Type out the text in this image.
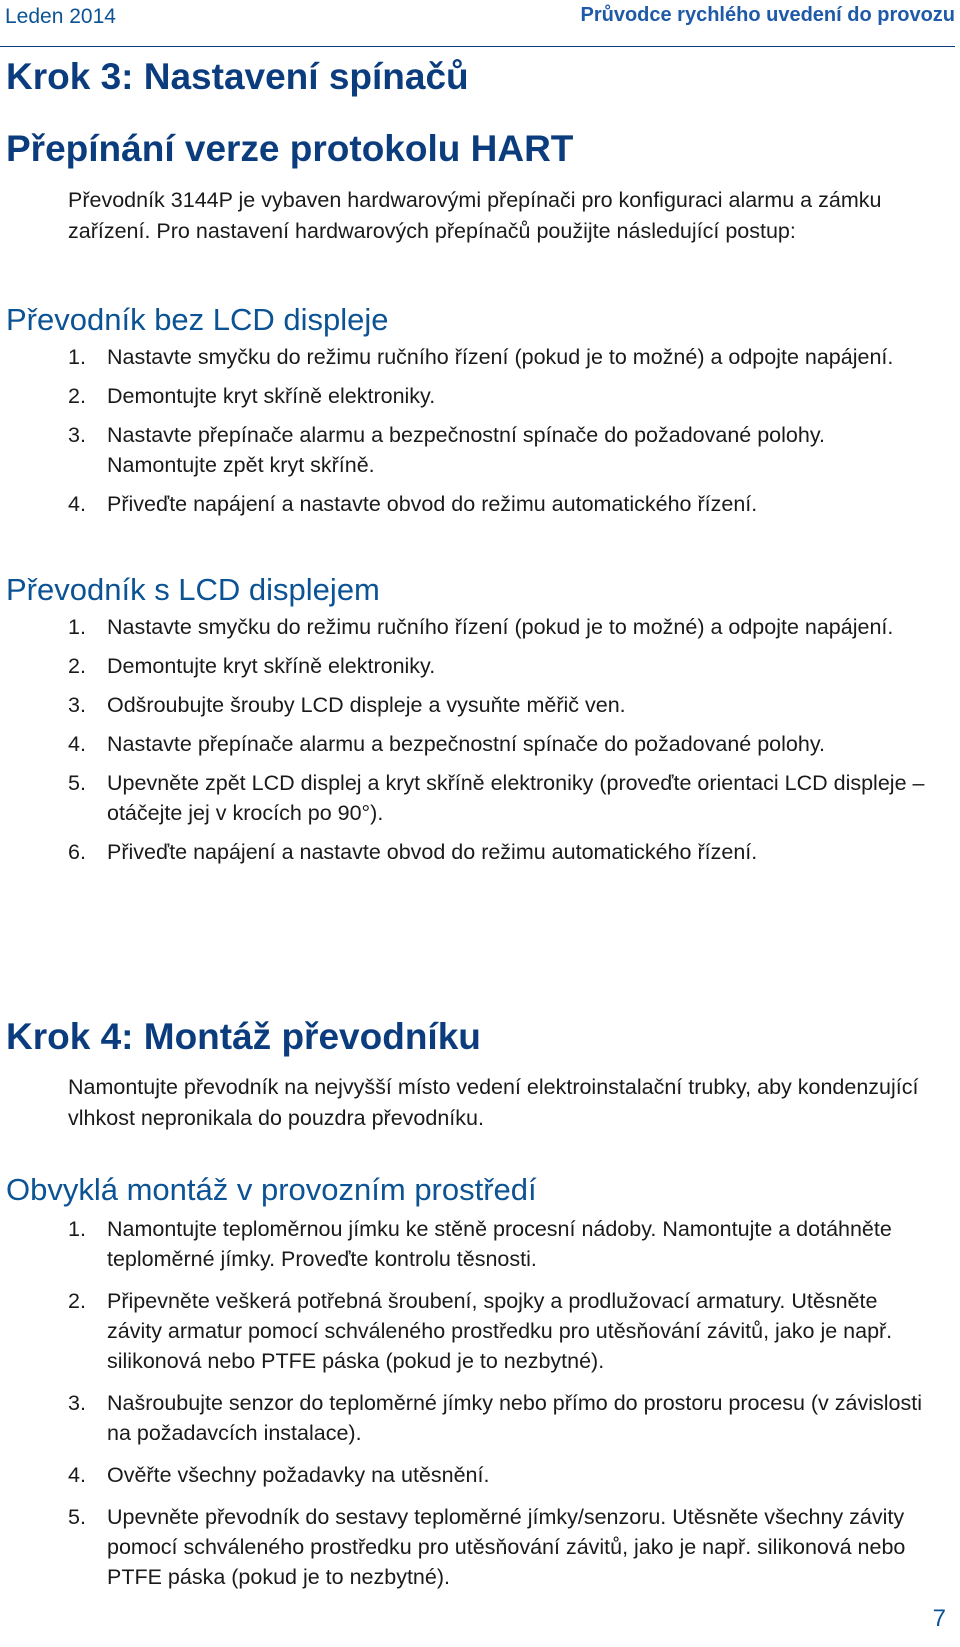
Leden 2014	Průvodce rychlého uvedení do provozu
Krok 3: Nastavení spínačů
Přepínání verze protokolu HART
Převodník 3144P je vybaven hardwarovými přepínači pro konfiguraci alarmu a zámku zařízení. Pro nastavení hardwarových přepínačů použijte následující postup:
Převodník bez LCD displeje
1. Nastavte smyčku do režimu ručního řízení (pokud je to možné) a odpojte napájení.
2. Demontujte kryt skříně elektroniky.
3. Nastavte přepínače alarmu a bezpečnostní spínače do požadované polohy. Namontujte zpět kryt skříně.
4. Přiveďte napájení a nastavte obvod do režimu automatického řízení.
Převodník s LCD displejem
1. Nastavte smyčku do režimu ručního řízení (pokud je to možné) a odpojte napájení.
2. Demontujte kryt skříně elektroniky.
3. Odšroubujte šrouby LCD displeje a vysuňte měřič ven.
4. Nastavte přepínače alarmu a bezpečnostní spínače do požadované polohy.
5. Upevněte zpět LCD displej a kryt skříně elektroniky (proveďte orientaci LCD displeje – otáčejte jej v krocích po 90°).
6. Přiveďte napájení a nastavte obvod do režimu automatického řízení.
Krok 4: Montáž převodníku
Namontujte převodník na nejvyšší místo vedení elektroinstalační trubky, aby kondenzující vlhkost nepronikala do pouzdra převodníku.
Obvyklá montáž v provozním prostředí
1. Namontujte teploměrnou jímku ke stěně procesní nádoby. Namontujte a dotáhněte teploměrné jímky. Proveďte kontrolu těsnosti.
2. Připevněte veškerá potřebná šroubení, spojky a prodlužovací armatury. Utěsněte závity armatur pomocí schváleného prostředku pro utěsňování závitů, jako je např. silikonová nebo PTFE páska (pokud je to nezbytné).
3. Našroubujte senzor do teploměrné jímky nebo přímo do prostoru procesu (v závislosti na požadavcích instalace).
4. Ověřte všechny požadavky na utěsnění.
5. Upevněte převodník do sestavy teploměrné jímky/senzoru. Utěsněte všechny závity pomocí schváleného prostředku pro utěsňování závitů, jako je např. silikonová nebo PTFE páska (pokud je to nezbytné).
7
